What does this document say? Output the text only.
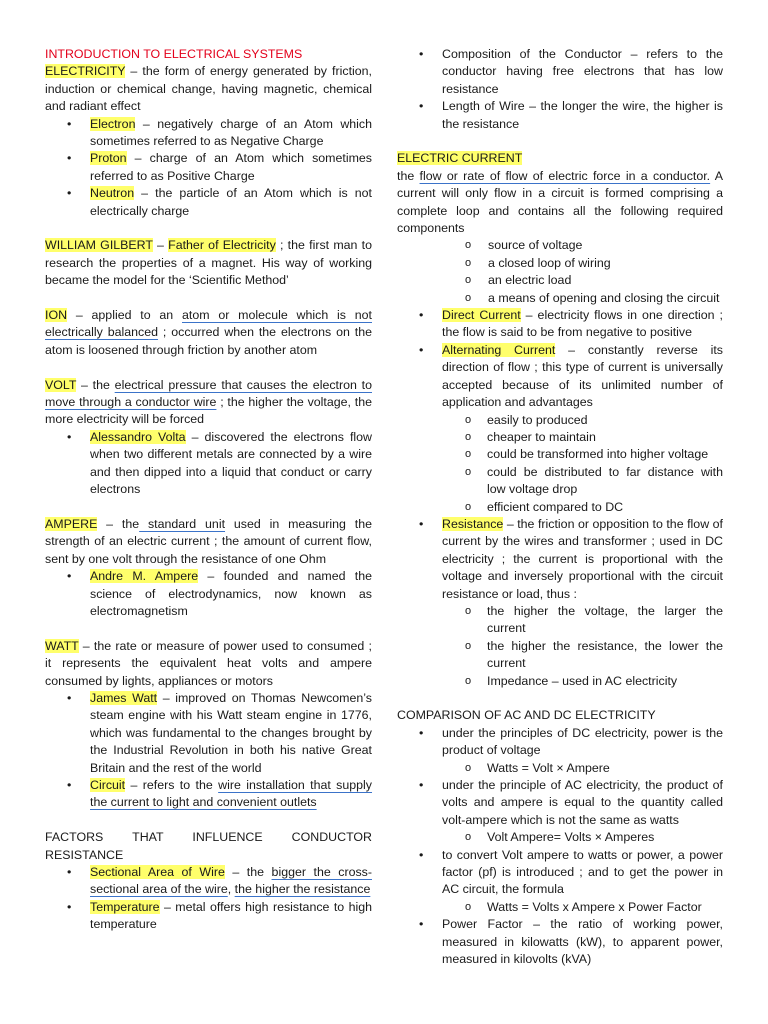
INTRODUCTION TO ELECTRICAL SYSTEMS

ELECTRICITY – the form of energy generated by friction, induction or chemical change, having magnetic, chemical and radiant effect

• Electron – negatively charge of an Atom which sometimes referred to as Negative Charge
• Proton – charge of an Atom which sometimes referred to as Positive Charge
• Neutron – the particle of an Atom which is not electrically charge

WILLIAM GILBERT – Father of Electricity ; the first man to research the properties of a magnet. His way of working became the model for the ‘Scientific Method’

ION – applied to an atom or molecule which is not electrically balanced ; occurred when the electrons on the atom is loosened through friction by another atom

VOLT – the electrical pressure that causes the electron to move through a conductor wire ; the higher the voltage, the more electricity will be forced

• Alessandro Volta – discovered the electrons flow when two different metals are connected by a wire and then dipped into a liquid that conduct or carry electrons

AMPERE – the standard unit used in measuring the strength of an electric current ; the amount of current flow, sent by one volt through the resistance of one Ohm

• Andre M. Ampere – founded and named the science of electrodynamics, now known as electromagnetism

WATT – the rate or measure of power used to consumed ; it represents the equivalent heat volts and ampere consumed by lights, appliances or motors

• James Watt – improved on Thomas Newcomen’s steam engine with his Watt steam engine in 1776, which was fundamental to the changes brought by the Industrial Revolution in both his native Great Britain and the rest of the world
• Circuit – refers to the wire installation that supply the current to light and convenient outlets

FACTORS THAT INFLUENCE CONDUCTOR RESISTANCE

• Sectional Area of Wire – the bigger the cross-sectional area of the wire, the higher the resistance
• Temperature – metal offers high resistance to high temperature
• Composition of the Conductor – refers to the conductor having free electrons that has low resistance
• Length of Wire – the longer the wire, the higher is the resistance

ELECTRIC CURRENT

the flow or rate of flow of electric force in a conductor. A current will only flow in a circuit is formed comprising a complete loop and contains all the following required components

o source of voltage
o a closed loop of wiring
o an electric load
o a means of opening and closing the circuit
• Direct Current – electricity flows in one direction ; the flow is said to be from negative to positive
• Alternating Current – constantly reverse its direction of flow ; this type of current is universally accepted because of its unlimited number of application and advantages
o easily to produced
o cheaper to maintain
o could be transformed into higher voltage
o could be distributed to far distance with low voltage drop
o efficient compared to DC
• Resistance – the friction or opposition to the flow of current by the wires and transformer ; used in DC electricity ; the current is proportional with the voltage and inversely proportional with the circuit resistance or load, thus :
o the higher the voltage, the larger the current
o the higher the resistance, the lower the current
o Impedance – used in AC electricity

COMPARISON OF AC AND DC ELECTRICITY

• under the principles of DC electricity, power is the product of voltage
o Watts = Volt × Ampere
• under the principle of AC electricity, the product of volts and ampere is equal to the quantity called volt-ampere which is not the same as watts
o Volt Ampere= Volts × Amperes
• to convert Volt ampere to watts or power, a power factor (pf) is introduced ; and to get the power in AC circuit, the formula
o Watts = Volts x Ampere x Power Factor
• Power Factor – the ratio of working power, measured in kilowatts (kW), to apparent power, measured in kilovolts (kVA)
